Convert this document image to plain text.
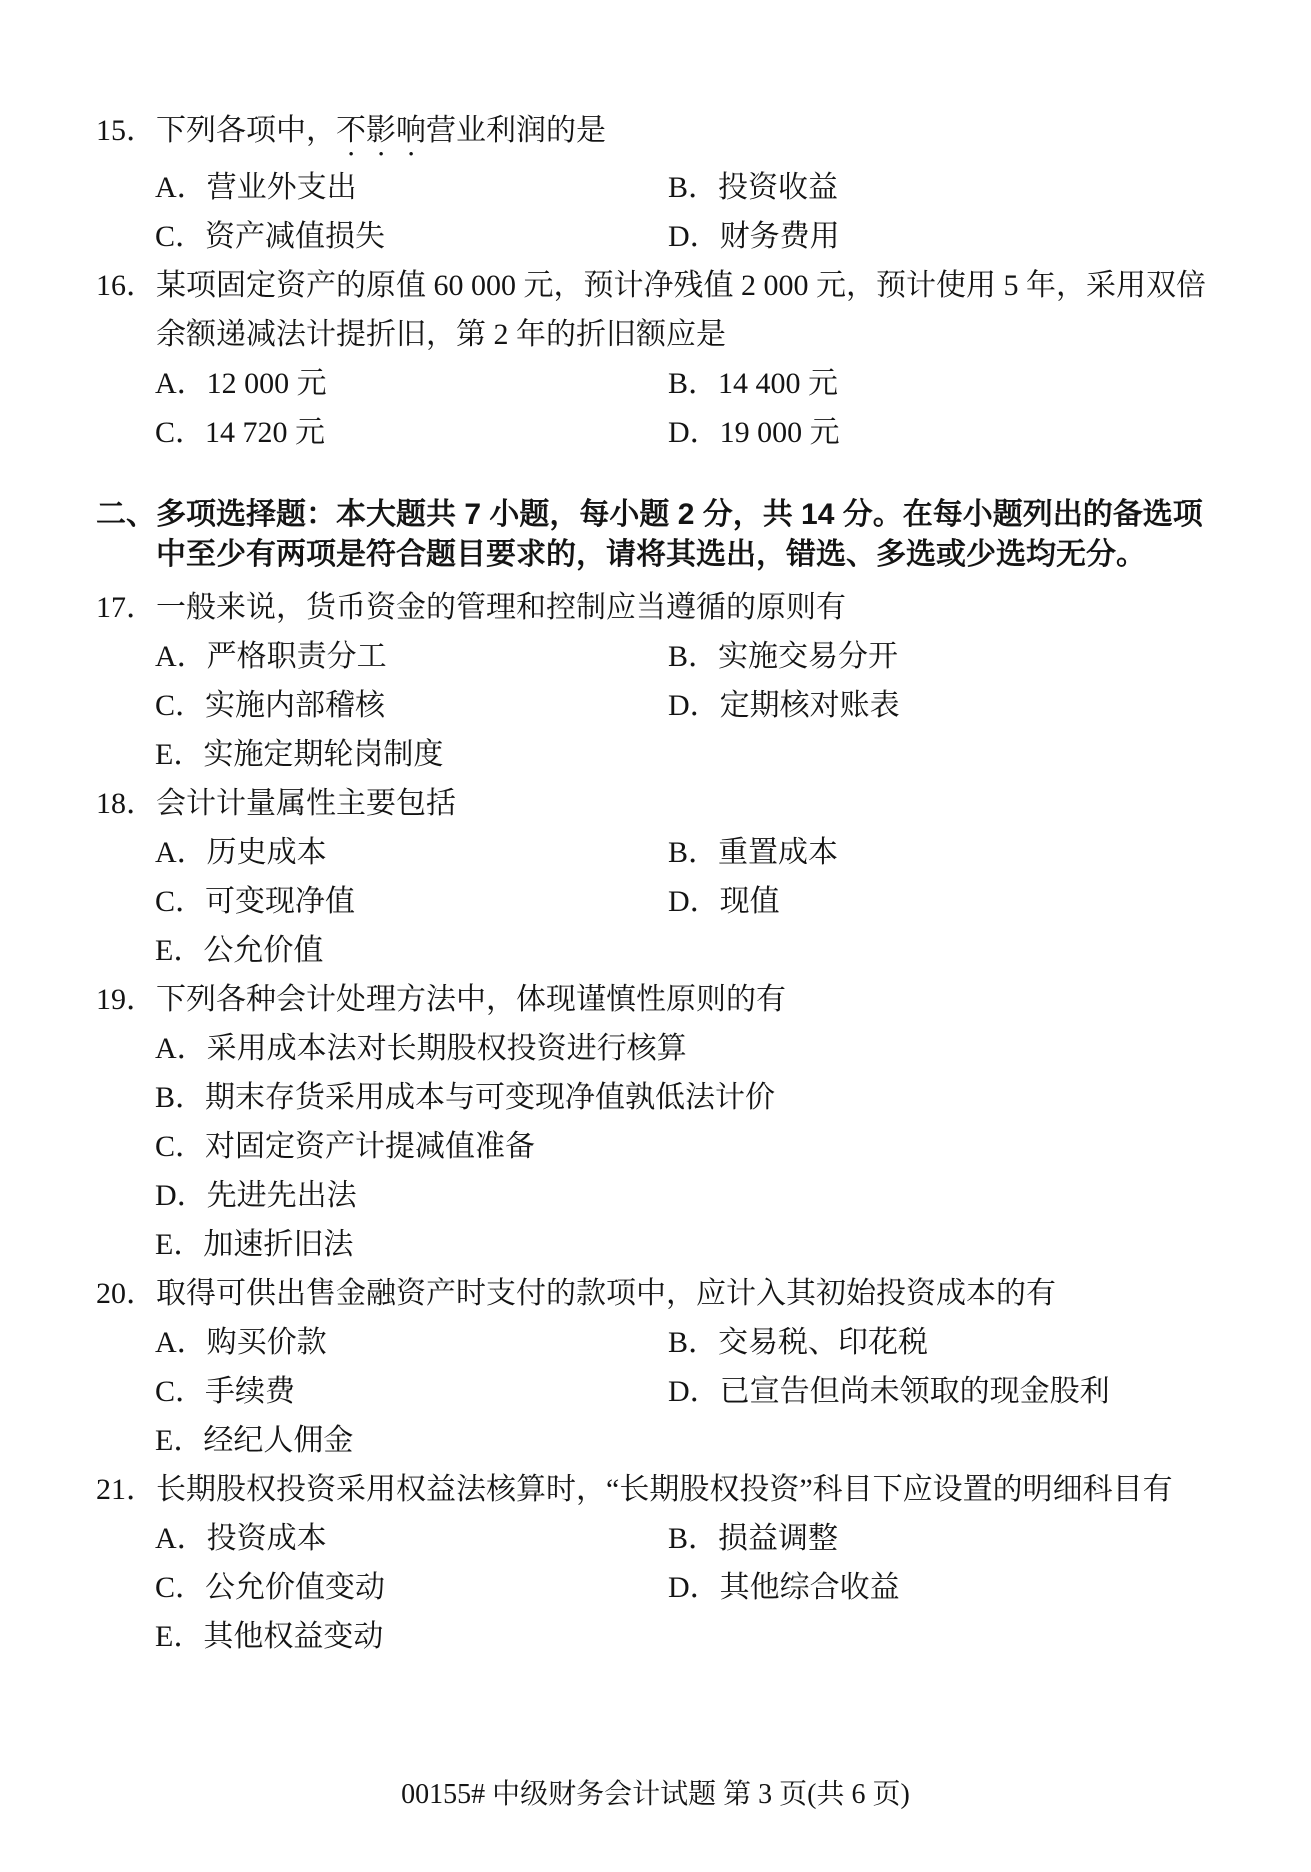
15． 下列各项中，不影响营业利润的是
A．营业外支出	B．投资收益
C．资产减值损失	D．财务费用
16． 某项固定资产的原值 60 000 元，预计净残值 2 000 元，预计使用 5 年，采用双倍余额递减法计提折旧，第 2 年的折旧额应是
A．12 000 元	B．14 400 元
C．14 720 元	D．19 000 元
二、 多项选择题：本大题共 7 小题，每小题 2 分，共 14 分。在每小题列出的备选项中至少有两项是符合题目要求的，请将其选出，错选、多选或少选均无分。
17． 一般来说，货币资金的管理和控制应当遵循的原则有
A．严格职责分工	B．实施交易分开
C．实施内部稽核	D．定期核对账表
E．实施定期轮岗制度
18． 会计计量属性主要包括
A．历史成本	B．重置成本
C．可变现净值	D．现值
E．公允价值
19． 下列各种会计处理方法中，体现谨慎性原则的有
A．采用成本法对长期股权投资进行核算
B．期末存货采用成本与可变现净值孰低法计价
C．对固定资产计提减值准备
D．先进先出法
E．加速折旧法
20． 取得可供出售金融资产时支付的款项中，应计入其初始投资成本的有
A．购买价款	B．交易税、印花税
C．手续费	D．已宣告但尚未领取的现金股利
E．经纪人佣金
21． 长期股权投资采用权益法核算时，“长期股权投资”科目下应设置的明细科目有
A．投资成本	B．损益调整
C．公允价值变动	D．其他综合收益
E．其他权益变动
00155# 中级财务会计试题 第 3 页(共 6 页)
